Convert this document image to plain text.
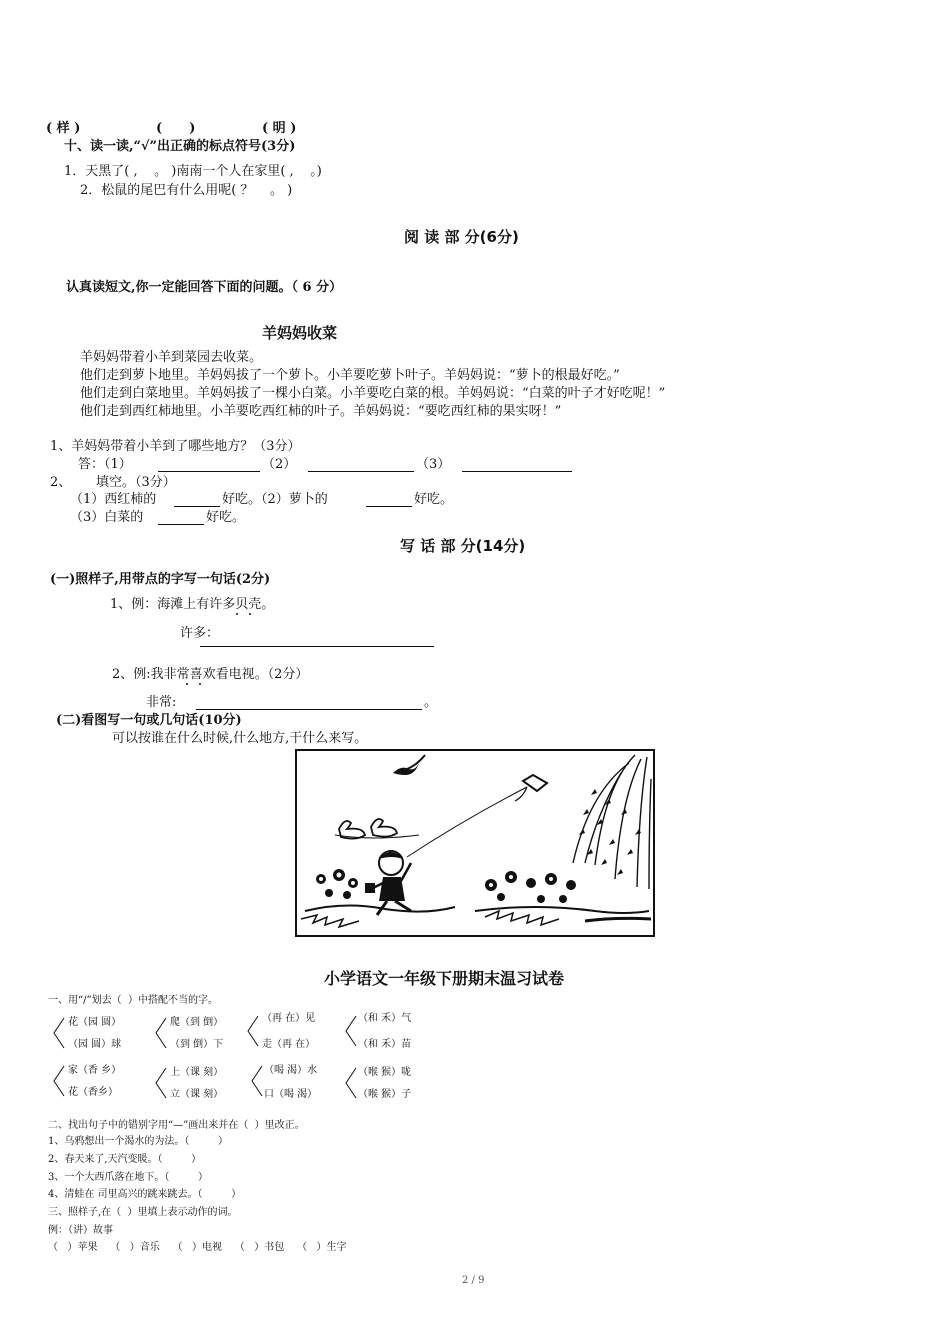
( 样 )	(      )	( 明 )
十、读一读,“√”出正确的标点符号(3分)
1．天黑了( ,    。 )南南一个人在家里( ,    。)
2．松鼠的尾巴有什么用呢( ？    。 )
阅 读 部 分(6分)
认真读短文,你一定能回答下面的问题。（ 6 分）
羊妈妈收菜
羊妈妈带着小羊到菜园去收菜。
他们走到萝卜地里。羊妈妈拔了一个萝卜。小羊要吃萝卜叶子。羊妈妈说：“萝卜的根最好吃。”
他们走到白菜地里。羊妈妈拔了一棵小白菜。小羊要吃白菜的根。羊妈妈说：“白菜的叶子才好吃呢！”
他们走到西红柿地里。小羊要吃西红柿的叶子。羊妈妈说：“要吃西红柿的果实呀！”
1、羊妈妈带着小羊到了哪些地方？（3分）
答：（1）	（2）	（3）
2、 填空。（3分）
（1）西红柿的	好吃。（2）萝卜的	好吃。
（3）白菜的	好吃。
写 话 部 分(14分)
(一)照样子,用带点的字写一句话(2分)
1、例：海滩上有许多贝壳。
许多：
2、例:我非常喜欢看电视。（2分）
非常:	。
(二)看图写一句或几句话(10分)
可以按谁在什么时候,什么地方,干什么来写。
小学语文一年级下册期末温习试卷
一、用“/”划去（  ）中搭配不当的字。
花（园 圆）
（园 圆）球
爬（到 倒）
（到 倒）下
（再 在）见
走（再 在）
（和 禾）气
（和 禾）苗
家（香 乡）
花（香乡）
上（课 刻）
立（课 刻）
（喝 渴）水
口（喝 渴）
（喉 猴）咙
（喉 猴）子
二、找出句子中的错别字用“—”画出来并在（  ）里改正。
1、乌鸦想出一个渴水的为法。（         ）
2、春天来了,天汽变暖。（         ）
3、一个大西爪落在地下。（         ）
4、清蛙在 司里高兴的跳来跳去。（         ）
三、照样子,在（  ）里填上表示动作的词。
例：（讲）故事
（   ）苹果    （   ）音乐    （   ）电视    （   ）书包    （   ）生字
2 / 9
